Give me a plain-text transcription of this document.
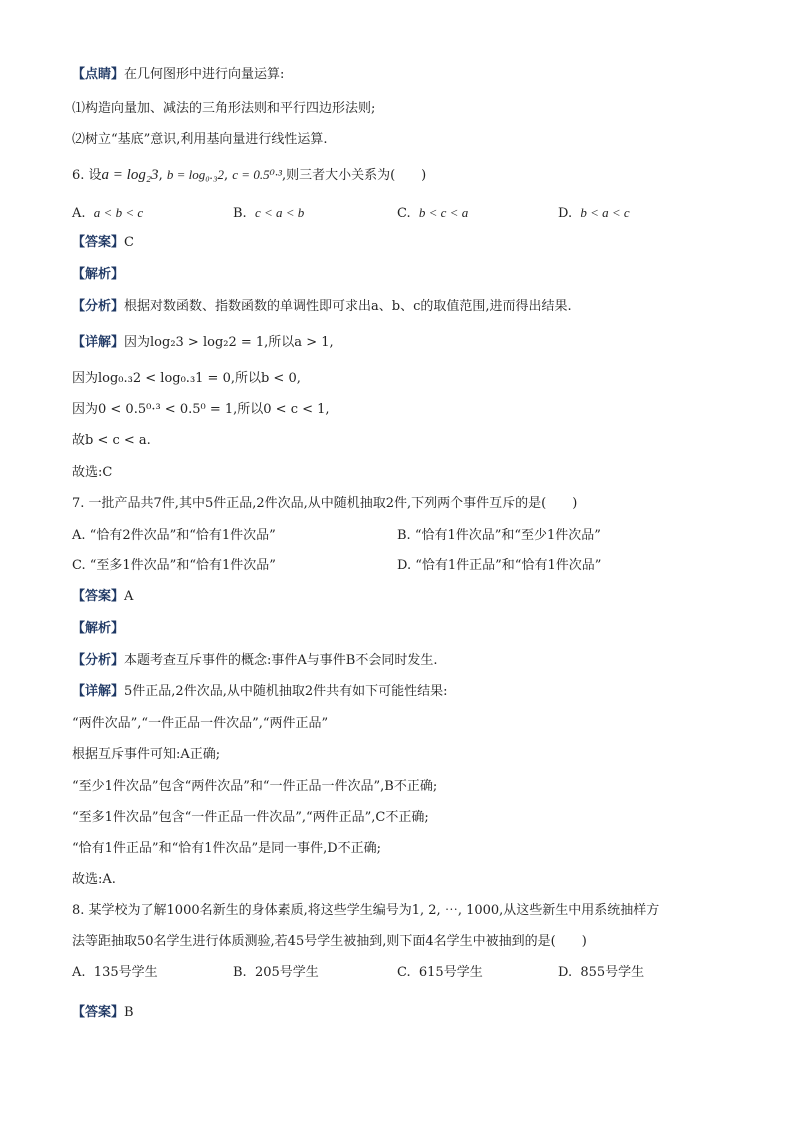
【点睛】在几何图形中进行向量运算:
⑴构造向量加、减法的三角形法则和平行四边形法则;
⑵树立“基底”意识,利用基向量进行线性运算.
6. 设a = log₂3, b = log₀.₃2, c = 0.5⁰·³,则三者大小关系为(　　)
A. a < b < c	B. c < a < b	C. b < c < a	D. b < a < c
【答案】C
【解析】
【分析】根据对数函数、指数函数的单调性即可求出a、b、c的取值范围,进而得出结果.
【详解】因为log₂3 > log₂2 = 1,所以a > 1,
因为log₀.₃2 < log₀.₃1 = 0,所以b < 0,
因为0 < 0.5⁰·³ < 0.5⁰ = 1,所以0 < c < 1,
故b < c < a.
故选:C
7. 一批产品共7件,其中5件正品,2件次品,从中随机抽取2件,下列两个事件互斥的是(　　)
A. “恰有2件次品”和“恰有1件次品”	B. “恰有1件次品”和“至少1件次品”
C. “至多1件次品”和“恰有1件次品”	D. “恰有1件正品”和“恰有1件次品”
【答案】A
【解析】
【分析】本题考查互斥事件的概念:事件A与事件B不会同时发生.
【详解】5件正品,2件次品,从中随机抽取2件共有如下可能性结果:
“两件次品”,“一件正品一件次品”,“两件正品”
根据互斥事件可知:A正确;
“至少1件次品”包含“两件次品”和“一件正品一件次品”,B不正确;
“至多1件次品”包含“一件正品一件次品”,“两件正品”,C不正确;
“恰有1件正品”和“恰有1件次品”是同一事件,D不正确;
故选:A.
8. 某学校为了解1000名新生的身体素质,将这些学生编号为1, 2, ⋯, 1000,从这些新生中用系统抽样方
法等距抽取50名学生进行体质测验,若45号学生被抽到,则下面4名学生中被抽到的是(　　)
A. 135号学生	B. 205号学生	C. 615号学生	D. 855号学生
【答案】B
